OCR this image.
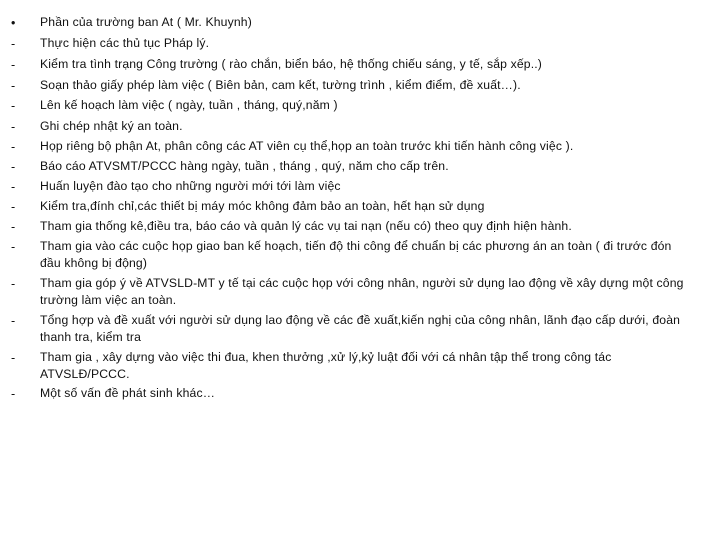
•	Phần của trường ban At ( Mr. Khuynh)
-	Thực hiện các thủ tục Pháp lý.
-	Kiểm tra tình trạng Công trường ( rào chắn, biển báo, hệ thống chiếu sáng, y tế, sắp xếp..)
-	Soạn thảo giấy phép làm việc ( Biên bản, cam kết, tường trình , kiểm điểm, đề xuất…).
-	Lên kế hoạch làm việc ( ngày, tuần , tháng, quý,năm )
-	Ghi chép nhật ký an toàn.
-	Họp riêng bộ phận At, phân công các AT viên cụ thể,họp an toàn trước khi tiến hành công việc ).
-	Báo cáo ATVSMT/PCCC hàng ngày, tuần , tháng , quý, năm cho cấp trên.
-	Huấn luyện đào tạo cho những người mới tới làm việc
-	Kiểm tra,đính chỉ,các thiết bị máy móc không đảm bảo an toàn, hết hạn sử dụng
-	Tham gia thống kê,điều tra, báo cáo và quản lý các vụ tai nạn (nếu có) theo quy định hiện hành.
-	Tham gia vào các cuộc họp giao ban kế hoạch, tiến độ thi công để chuẩn bị các phương án an toàn ( đi trước đón đầu không bị động)
-	Tham gia góp ý về ATVSLD-MT y tế tại các cuộc họp với công nhân, người sử dụng lao động về xây dựng một công trường làm việc an toàn.
-	Tổng hợp và đề xuất với người sử dụng lao động về các đề xuất,kiến nghị của công nhân, lãnh đạo cấp dưới, đoàn thanh tra, kiểm tra
-	Tham gia , xây dựng vào việc thi đua, khen thưởng ,xử lý,kỷ luật đối với cá nhân tập thể trong công tác ATVSLĐ/PCCC.
-	Một số vấn đề phát sinh khác…
